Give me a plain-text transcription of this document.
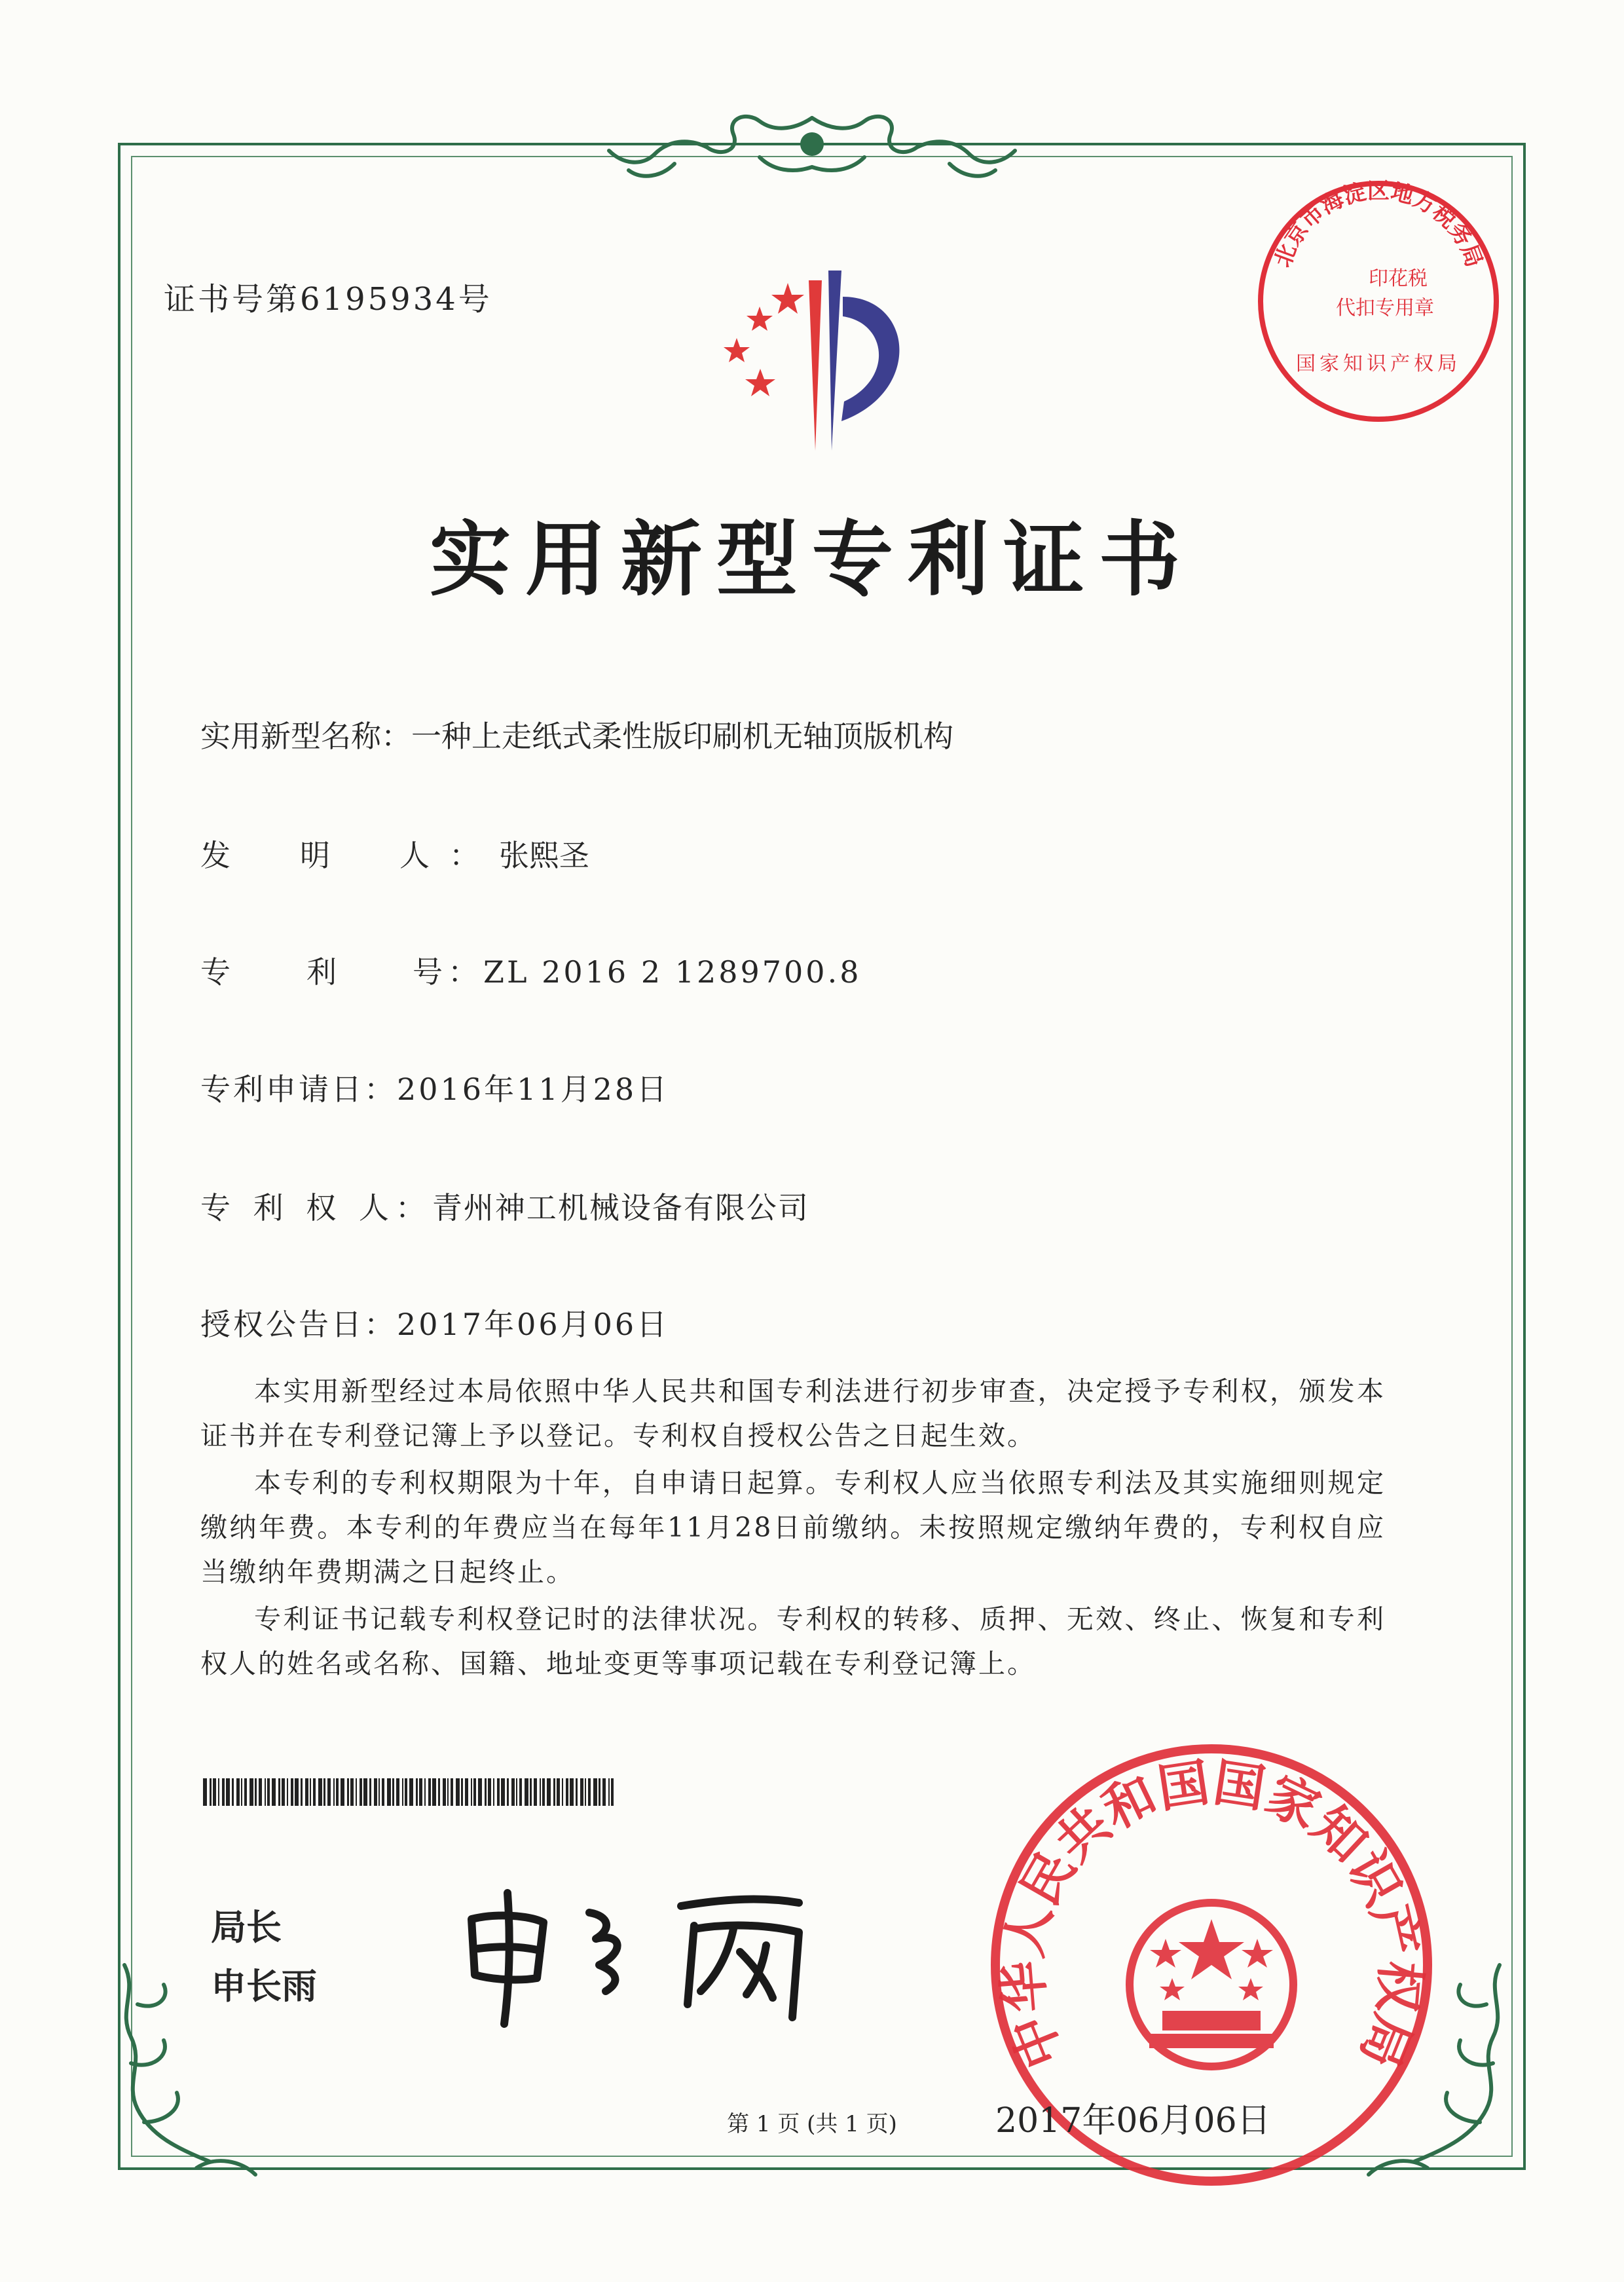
证书号第6195934号
北京市海淀区地方税务局
印花税
代扣专用章
国家知识产权局
实用新型专利证书
实用新型名称：一种上走纸式柔性版印刷机无轴顶版机构
发　明　人：张熙圣
专　　利　　号：ZL 2016 2 1289700.8
专利申请日：2016年11月28日
专 利 权 人：青州神工机械设备有限公司
授权公告日：2017年06月06日

本实用新型经过本局依照中华人民共和国专利法进行初步审查，决定授予专利权，颁发本证书并在专利登记簿上予以登记。专利权自授权公告之日起生效。

本专利的专利权期限为十年，自申请日起算。专利权人应当依照专利法及其实施细则规定缴纳年费。本专利的年费应当在每年11月28日前缴纳。未按照规定缴纳年费的，专利权自应当缴纳年费期满之日起终止。

专利证书记载专利权登记时的法律状况。专利权的转移、质押、无效、终止、恢复和专利权人的姓名或名称、国籍、地址变更等事项记载在专利登记簿上。

局长
申长雨
中华人民共和国国家知识产权局
2017年06月06日
第 1 页 (共 1 页)
